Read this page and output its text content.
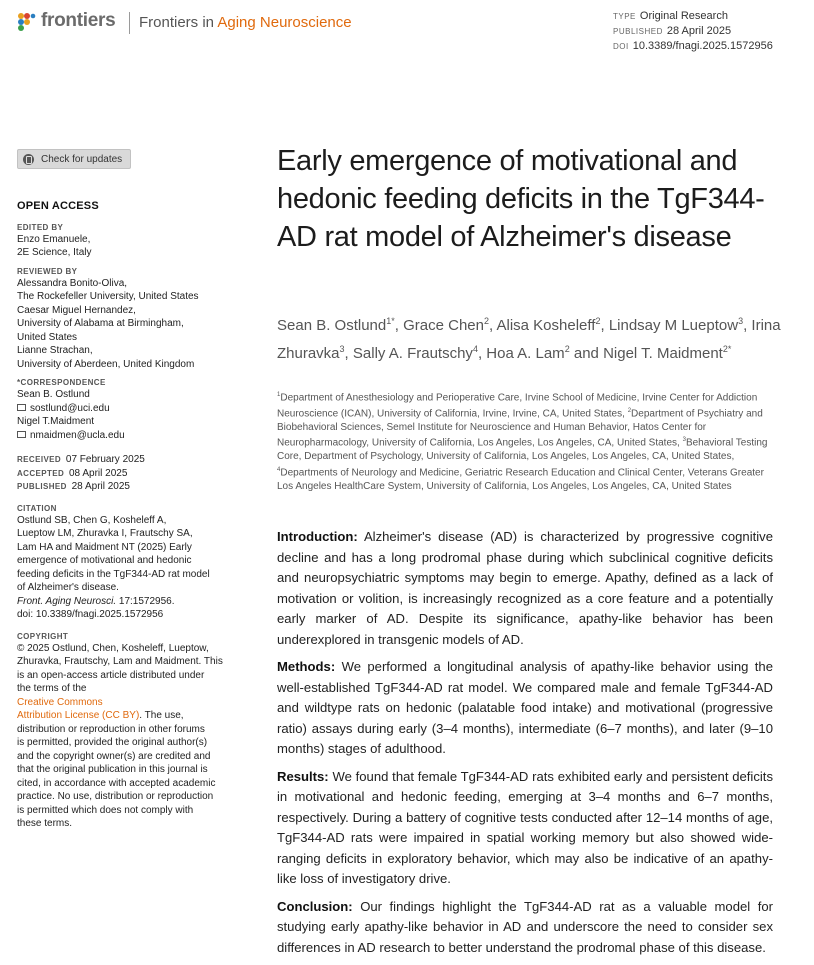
frontiers Frontiers in Aging Neuroscience	TYPE Original Research
PUBLISHED 28 April 2025
DOI 10.3389/fnagi.2025.1572956
Check for updates
OPEN ACCESS
EDITED BY
Enzo Emanuele,
2E Science, Italy
REVIEWED BY
Alessandra Bonito-Oliva,
The Rockefeller University, United States
Caesar Miguel Hernandez,
University of Alabama at Birmingham,
United States
Lianne Strachan,
University of Aberdeen, United Kingdom
*CORRESPONDENCE
Sean B. Ostlund
sostlund@uci.edu
Nigel T.Maidment
nmaidmen@ucla.edu
RECEIVED 07 February 2025
ACCEPTED 08 April 2025
PUBLISHED 28 April 2025
CITATION
Ostlund SB, Chen G, Kosheleff A,
Lueptow LM, Zhuravka I, Frautschy SA,
Lam HA and Maidment NT (2025) Early
emergence of motivational and hedonic
feeding deficits in the TgF344-AD rat model
of Alzheimer's disease.
Front. Aging Neurosci. 17:1572956.
doi: 10.3389/fnagi.2025.1572956
COPYRIGHT
© 2025 Ostlund, Chen, Kosheleff, Lueptow,
Zhuravka, Frautschy, Lam and Maidment. This
is an open-access article distributed under
the terms of the
Creative Commons
Attribution License (CC BY). The use,
distribution or reproduction in other forums
is permitted, provided the original author(s)
and the copyright owner(s) are credited and
that the original publication in this journal is
cited, in accordance with accepted academic
practice. No use, distribution or reproduction
is permitted which does not comply with
these terms.
Early emergence of motivational and hedonic feeding deficits in the TgF344-AD rat model of Alzheimer's disease
Sean B. Ostlund$^{1*}$, Grace Chen$^2$, Alisa Kosheleff$^2$, Lindsay M Lueptow$^3$, Irina Zhuravka$^3$, Sally A. Frautschy$^4$, Hoa A. Lam$^2$ and Nigel T. Maidment$^{2*}$
$^1$Department of Anesthesiology and Perioperative Care, Irvine School of Medicine, Irvine Center for Addiction Neuroscience (ICAN), University of California, Irvine, Irvine, CA, United States, $^2$Department of Psychiatry and Biobehavioral Sciences, Semel Institute for Neuroscience and Human Behavior, Hatos Center for Neuropharmacology, University of California, Los Angeles, Los Angeles, CA, United States, $^3$Behavioral Testing Core, Department of Psychology, University of California, Los Angeles, Los Angeles, CA, United States, $^4$Departments of Neurology and Medicine, Geriatric Research Education and Clinical Center, Veterans Greater Los Angeles HealthCare System, University of California, Los Angeles, Los Angeles, CA, United States

Introduction: Alzheimer's disease (AD) is characterized by progressive cognitive decline and has a long prodromal phase during which subclinical cognitive deficits and neuropsychiatric symptoms may begin to emerge. Apathy, defined as a lack of motivation or volition, is increasingly recognized as a core feature and a potentially early marker of AD. Despite its significance, apathy-like behavior has been underexplored in transgenic models of AD.

Methods: We performed a longitudinal analysis of apathy-like behavior using the well-established TgF344-AD rat model. We compared male and female TgF344-AD and wildtype rats on hedonic (palatable food intake) and motivational (progressive ratio) assays during early (3–4 months), intermediate (6–7 months), and later (9–10 months) stages of adulthood.

Results: We found that female TgF344-AD rats exhibited early and persistent deficits in motivational and hedonic feeding, emerging at 3–4 months and 6–7 months, respectively. During a battery of cognitive tests conducted after 12–14 months of age, TgF344-AD rats were impaired in spatial working memory but also showed wide-ranging deficits in exploratory behavior, which may also be indicative of an apathy-like loss of investigatory drive.

Conclusion: Our findings highlight the TgF344-AD rat as a valuable model for studying early apathy-like behavior in AD and underscore the need to consider sex differences in AD research to better understand the prodromal phase of this disease.
